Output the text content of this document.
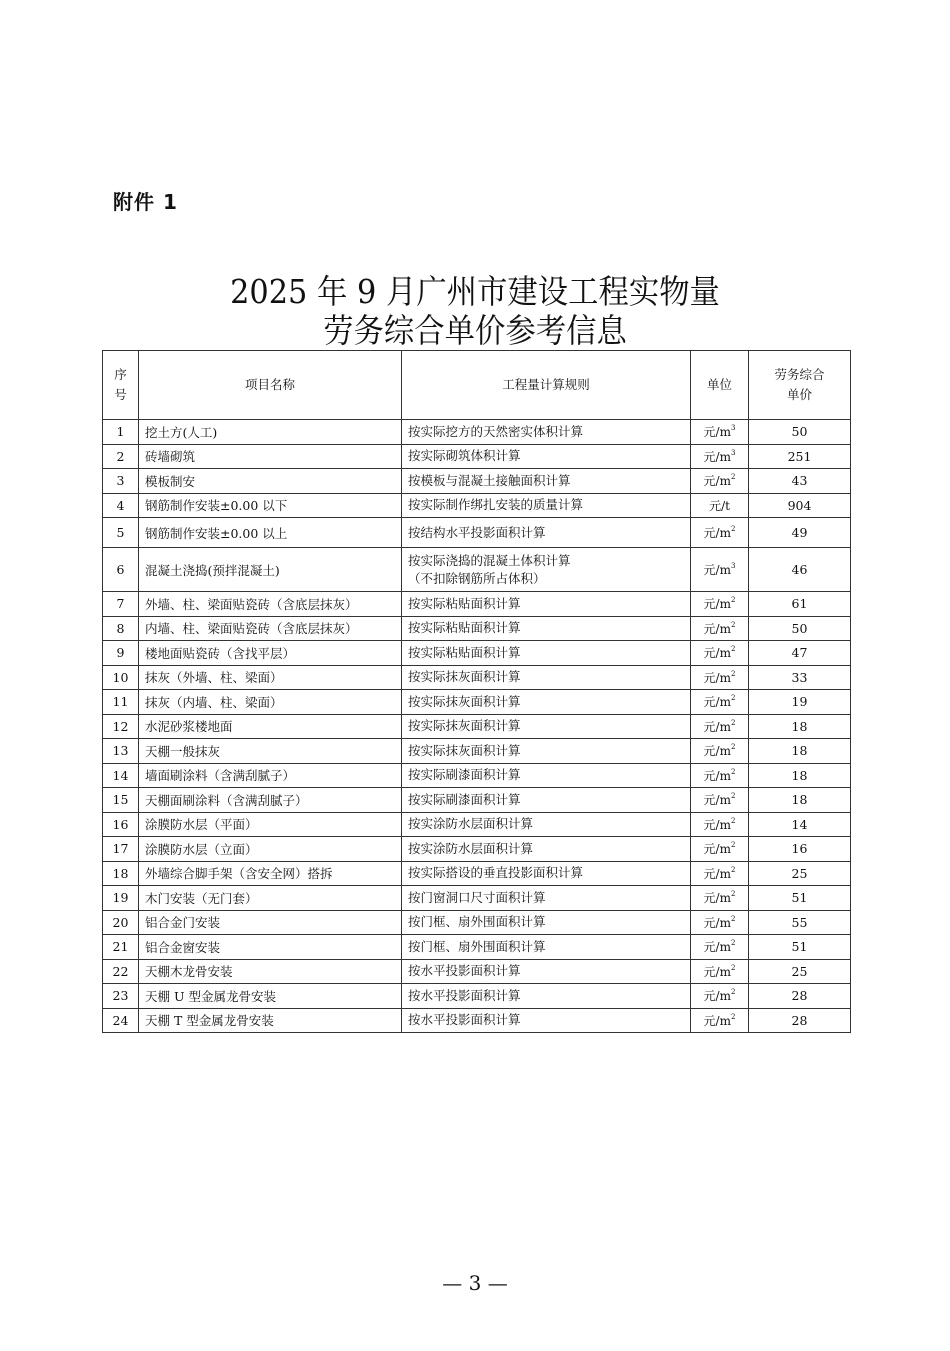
附件 1
2025 年 9 月广州市建设工程实物量
劳务综合单价参考信息
序
号	项目名称	工程量计算规则	单位	劳务综合
单价
1	挖土方(人工)	按实际挖方的天然密实体积计算	元$/m^3$	50
2	砖墙砌筑	按实际砌筑体积计算	元$/m^3$	251
3	模板制安	按模板与混凝土接触面积计算	元$/m^2$	43
4	钢筋制作安装±0.00 以下	按实际制作绑扎安装的质量计算	元/t	904
5	钢筋制作安装±0.00 以上	按结构水平投影面积计算	元$/m^2$	49
6	混凝土浇捣(预拌混凝土)	按实际浇捣的混凝土体积计算
（不扣除钢筋所占体积）	元$/m^3$	46
7	外墙、柱、梁面贴瓷砖（含底层抹灰）	按实际粘贴面积计算	元$/m^2$	61
8	内墙、柱、梁面贴瓷砖（含底层抹灰）	按实际粘贴面积计算	元$/m^2$	50
9	楼地面贴瓷砖（含找平层）	按实际粘贴面积计算	元$/m^2$	47
10	抹灰（外墙、柱、梁面）	按实际抹灰面积计算	元$/m^2$	33
11	抹灰（内墙、柱、梁面）	按实际抹灰面积计算	元$/m^2$	19
12	水泥砂浆楼地面	按实际抹灰面积计算	元$/m^2$	18
13	天棚一般抹灰	按实际抹灰面积计算	元$/m^2$	18
14	墙面刷涂料（含满刮腻子）	按实际刷漆面积计算	元$/m^2$	18
15	天棚面刷涂料（含满刮腻子）	按实际刷漆面积计算	元$/m^2$	18
16	涂膜防水层（平面）	按实涂防水层面积计算	元$/m^2$	14
17	涂膜防水层（立面）	按实涂防水层面积计算	元$/m^2$	16
18	外墙综合脚手架（含安全网）搭拆	按实际搭设的垂直投影面积计算	元$/m^2$	25
19	木门安装（无门套）	按门窗洞口尺寸面积计算	元$/m^2$	51
20	铝合金门安装	按门框、扇外围面积计算	元$/m^2$	55
21	铝合金窗安装	按门框、扇外围面积计算	元$/m^2$	51
22	天棚木龙骨安装	按水平投影面积计算	元$/m^2$	25
23	天棚 U 型金属龙骨安装	按水平投影面积计算	元$/m^2$	28
24	天棚 T 型金属龙骨安装	按水平投影面积计算	元$/m^2$	28
— 3 —
